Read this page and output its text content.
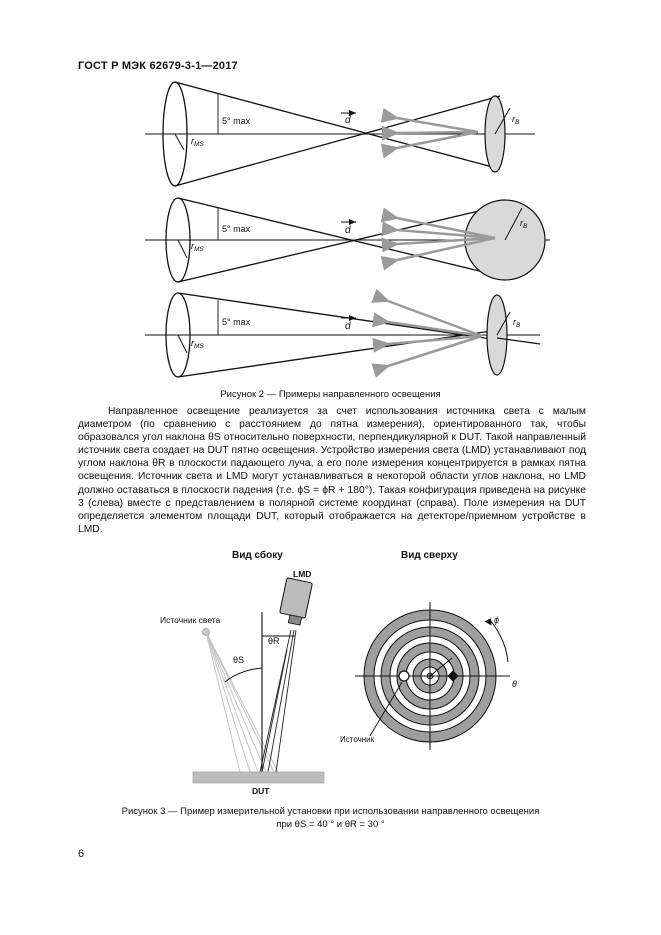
ГОСТ Р МЭК 62679-3-1—2017
5° max	d
$r_{MS}$
$r_B$
5° max	d
$r_{MS}$
$r_B$
5° max	d
$r_{MS}$
$r_B$
Рисунок 2 — Примеры направленного освещения

Направленное освещение реализуется за счет использования источника света с малым диаметром (по сравнению с расстоянием до пятна измерения), ориентированного так, чтобы образовался угол наклона θS относительно поверхности, перпендикулярной к DUT. Такой направленный источник света создает на DUT пятно освещения. Устройство измерения света (LMD) устанавливают под углом наклона θR в плоскости падающего луча, а его поле измерения концентрируется в рамках пятна освещения. Источник света и LMD могут устанавливаться в некоторой области углов наклона, но LMD должно оставаться в плоскости падения (т.е. ϕS = ϕR + 180°). Такая конфигурация приведена на рисунке 3 (слева) вместе с представлением в полярной системе координат (справа). Поле измерения на DUT определяется элементом площади DUT, который отображается на детекторе/приемном устройстве в LMD.

Вид сбоку
LMD
Источник света
θS
θR
DUT
Вид сверху
ϕ
θ
Источник
Рисунок 3 — Пример измерительной установки при использовании направленного освещения
при θS = 40 ° и θR = 30 °
6
